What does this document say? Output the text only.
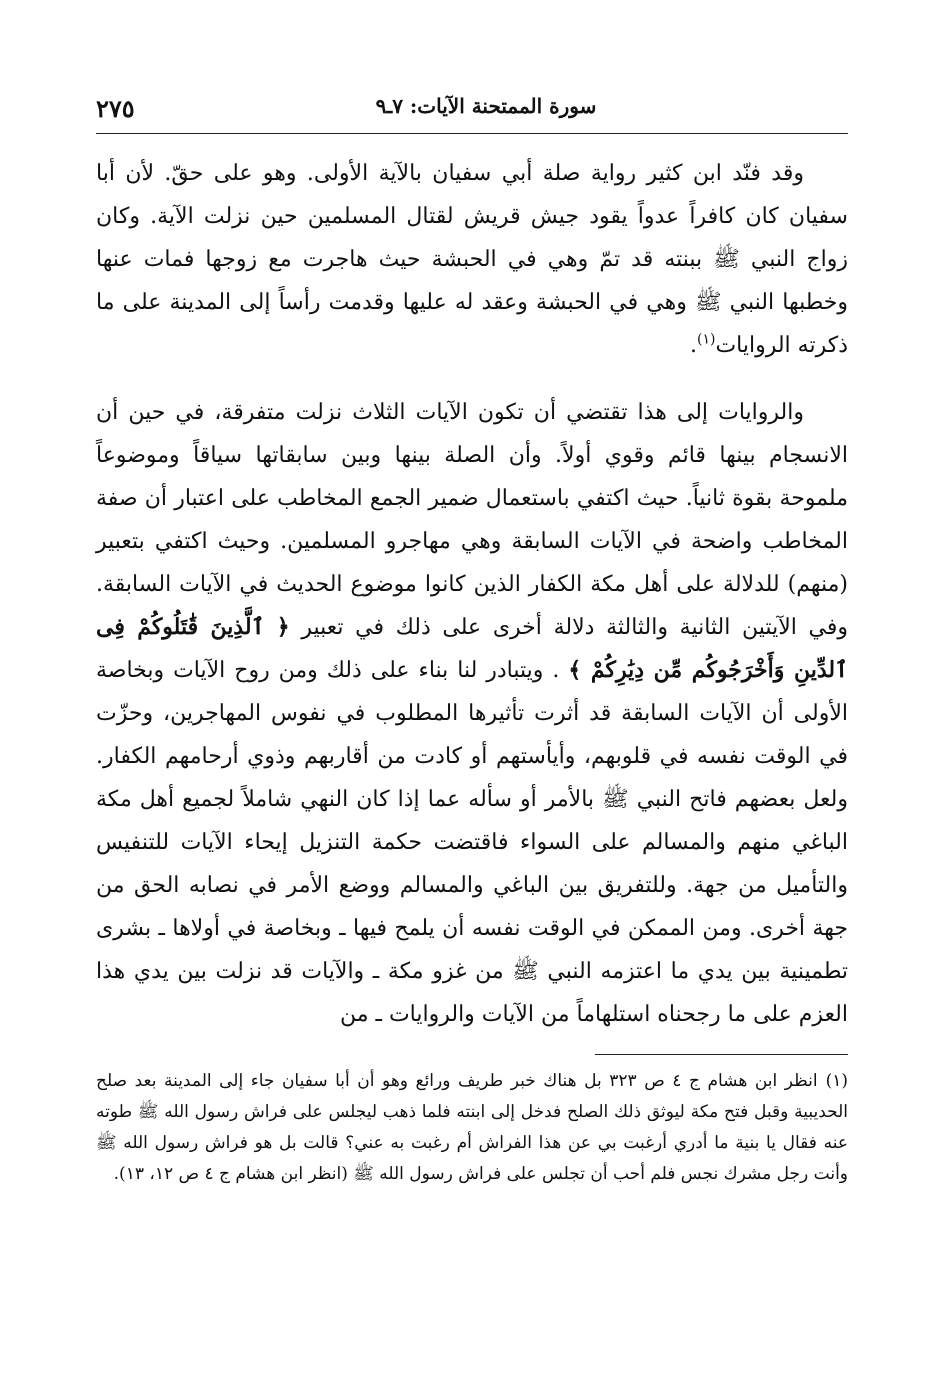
٢٧٥	سورة الممتحنة الآيات: ٧ـ٩

وقد فنّد ابن كثير رواية صلة أبي سفيان بالآية الأولى. وهو على حقّ. لأن أبا سفيان كان كافراً عدواً يقود جيش قريش لقتال المسلمين حين نزلت الآية. وكان زواج النبي ﷺ ببنته قد تمّ وهي في الحبشة حيث هاجرت مع زوجها فمات عنها وخطبها النبي ﷺ وهي في الحبشة وعقد له عليها وقدمت رأساً إلى المدينة على ما ذكرته الروايات$^{(١)}$.

والروايات إلى هذا تقتضي أن تكون الآيات الثلاث نزلت متفرقة، في حين أن الانسجام بينها قائم وقوي أولاً. وأن الصلة بينها وبين سابقاتها سياقاً وموضوعاً ملموحة بقوة ثانياً. حيث اكتفي باستعمال ضمير الجمع المخاطب على اعتبار أن صفة المخاطب واضحة في الآيات السابقة وهي مهاجرو المسلمين. وحيث اكتفي بتعبير (منهم) للدلالة على أهل مكة الكفار الذين كانوا موضوع الحديث في الآيات السابقة. وفي الآيتين الثانية والثالثة دلالة أخرى على ذلك في تعبير ﴿ ٱلَّذِينَ قَٰتَلُوكُمْ فِى ٱلدِّينِ وَأَخْرَجُوكُم مِّن دِيَٰرِكُمْ ﴾ . ويتبادر لنا بناء على ذلك ومن روح الآيات وبخاصة الأولى أن الآيات السابقة قد أثرت تأثيرها المطلوب في نفوس المهاجرين، وحزّت في الوقت نفسه في قلوبهم، وأيأستهم أو كادت من أقاربهم وذوي أرحامهم الكفار. ولعل بعضهم فاتح النبي ﷺ بالأمر أو سأله عما إذا كان النهي شاملاً لجميع أهل مكة الباغي منهم والمسالم على السواء فاقتضت حكمة التنزيل إيحاء الآيات للتنفيس والتأميل من جهة. وللتفريق بين الباغي والمسالم ووضع الأمر في نصابه الحق من جهة أخرى. ومن الممكن في الوقت نفسه أن يلمح فيها ـ وبخاصة في أولاها ـ بشرى تطمينية بين يدي ما اعتزمه النبي ﷺ من غزو مكة ـ والآيات قد نزلت بين يدي هذا العزم على ما رجحناه استلهاماً من الآيات والروايات ـ من

(١)انظر ابن هشام ج ٤ ص ٣٢٣ بل هناك خبر طريف ورائع وهو أن أبا سفيان جاء إلى المدينة بعد صلح الحديبية وقبل فتح مكة ليوثق ذلك الصلح فدخل إلى ابنته فلما ذهب ليجلس على فراش رسول الله ﷺ طوته عنه فقال يا بنية ما أدري أرغبت بي عن هذا الفراش أم رغبت به عني؟ قالت بل هو فراش رسول الله ﷺ وأنت رجل مشرك نجس فلم أحب أن تجلس على فراش رسول الله ﷺ (انظر ابن هشام ج ٤ ص ١٢، ١٣).
